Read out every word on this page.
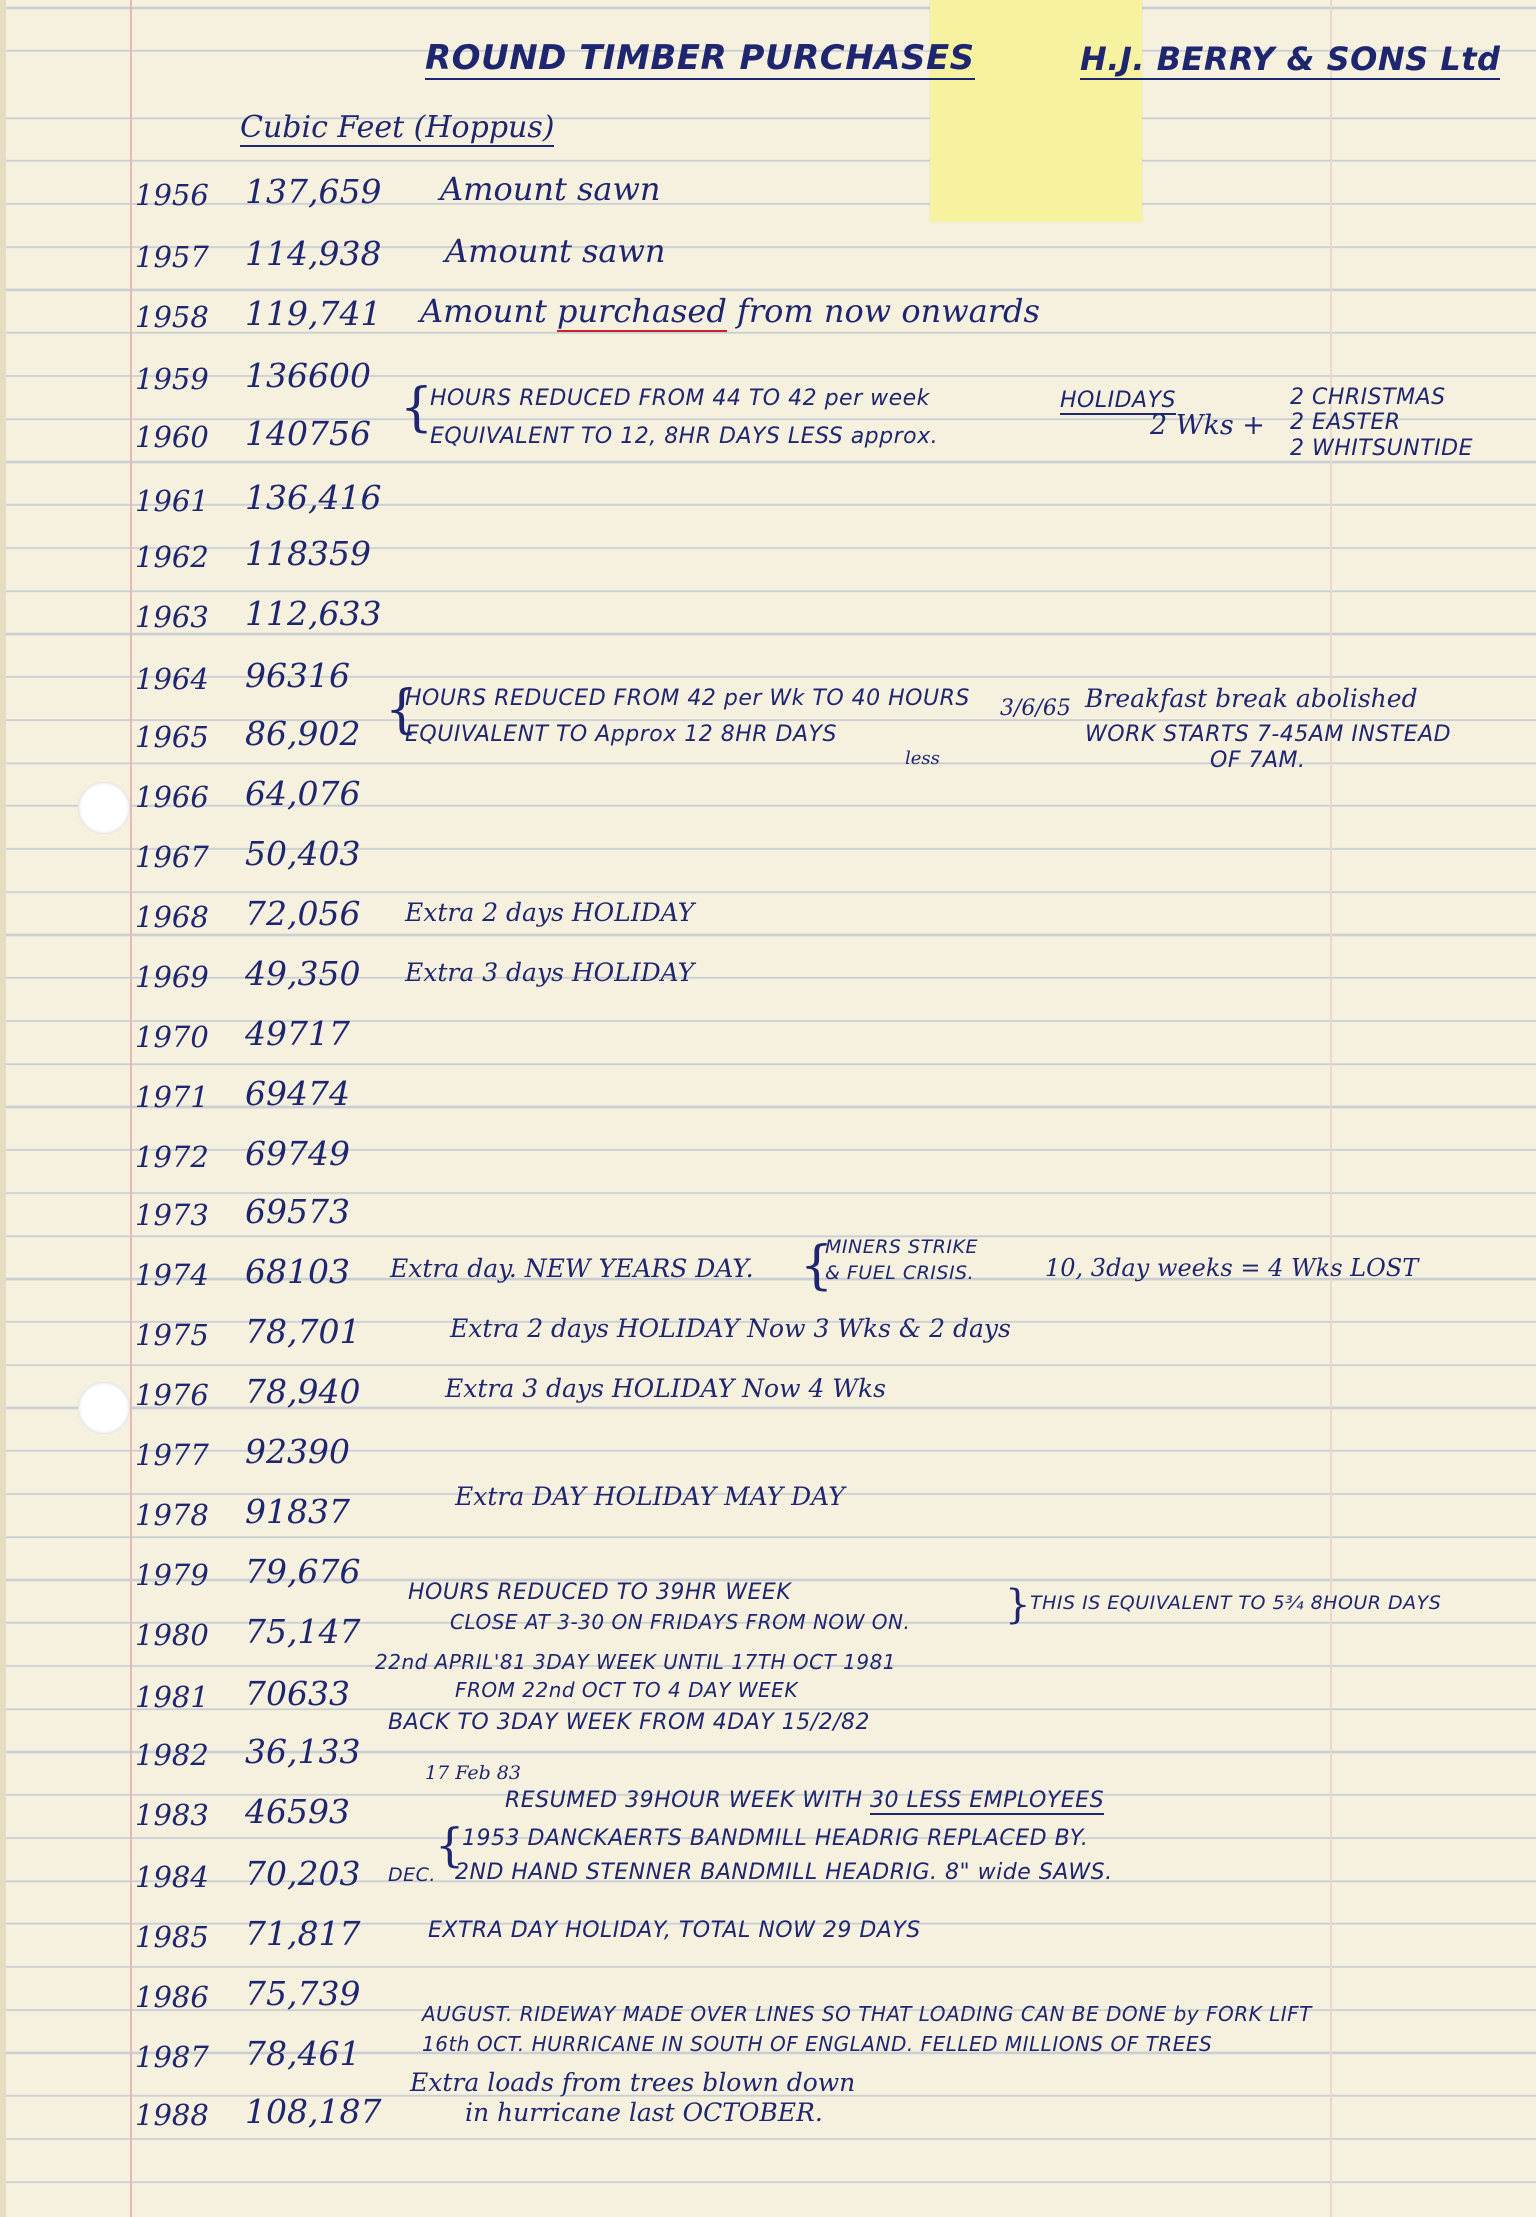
ROUND TIMBER PURCHASES	H.J. BERRY & SONS Ltd
Cubic Feet (Hoppus)
1956 137,659
1957 114,938
1958 119,741
1959 136600
1960 140756
1961 136,416
1962 118359
1963 112,633
1964 96316
1965 86,902
1966 64,076
1967 50,403
1968 72,056
1969 49,350
1970 49717
1971 69474
1972 69749
1973 69573
1974 68103
1975 78,701
1976 78,940
1977 92390
1978 91837
1979 79,676
1980 75,147
1981 70633
1982 36,133
1983 46593
1984 70,203
1985 71,817
1986 75,739
1987 78,461
1988 108,187
Amount sawn
Amount sawn
Amount purchased from now onwards
{
HOURS REDUCED FROM 44 TO 42 per week
EQUIVALENT TO 12, 8HR DAYS LESS approx.
HOLIDAYS
2 Wks +
2 CHRISTMAS
2 EASTER
2 WHITSUNTIDE
{
HOURS REDUCED FROM 42 per Wk TO 40 HOURS
EQUIVALENT TO Approx 12 8HR DAYS
less
3/6/65 Breakfast break abolished
WORK STARTS 7-45AM INSTEAD
OF 7AM.
Extra 2 days HOLIDAY
Extra 3 days HOLIDAY
Extra day. NEW YEARS DAY. {
MINERS STRIKE
& FUEL CRISIS.	10, 3day weeks = 4 Wks LOST
Extra 2 days HOLIDAY Now 3 Wks & 2 days
Extra 3 days HOLIDAY Now 4 Wks
Extra DAY HOLIDAY MAY DAY
HOURS REDUCED TO 39HR WEEK
CLOSE AT 3-30 ON FRIDAYS FROM NOW ON. } THIS IS EQUIVALENT TO 5¾ 8HOUR DAYS
22nd APRIL'81 3DAY WEEK UNTIL 17TH OCT 1981
FROM 22nd OCT TO 4 DAY WEEK
BACK TO 3DAY WEEK FROM 4DAY 15/2/82
17 Feb 83
RESUMED 39HOUR WEEK WITH 30 LESS EMPLOYEES
{
1953 DANCKAERTS BANDMILL HEADRIG REPLACED BY.
DEC. 2ND HAND STENNER BANDMILL HEADRIG. 8" wide SAWS.
EXTRA DAY HOLIDAY, TOTAL NOW 29 DAYS
AUGUST. RIDEWAY MADE OVER LINES SO THAT LOADING CAN BE DONE by FORK LIFT
16th OCT. HURRICANE IN SOUTH OF ENGLAND. FELLED MILLIONS OF TREES
Extra loads from trees blown down
in hurricane last OCTOBER.
